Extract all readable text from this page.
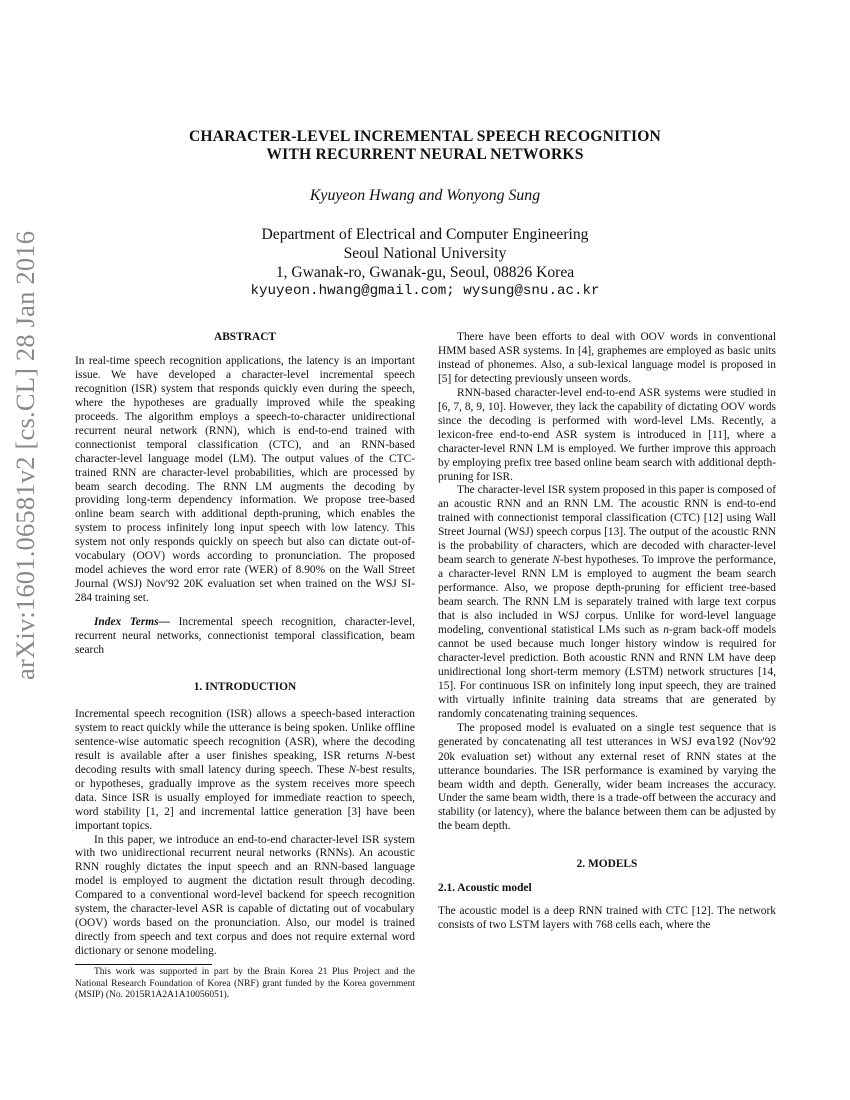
arXiv:1601.06581v2 [cs.CL] 28 Jan 2016

CHARACTER-LEVEL INCREMENTAL SPEECH RECOGNITION
WITH RECURRENT NEURAL NETWORKS

Kyuyeon Hwang and Wonyong Sung
Department of Electrical and Computer Engineering
Seoul National University
1, Gwanak-ro, Gwanak-gu, Seoul, 08826 Korea
kyuyeon.hwang@gmail.com; wysung@snu.ac.kr

ABSTRACT

In real-time speech recognition applications, the latency is an important issue. We have developed a character-level incremental speech recognition (ISR) system that responds quickly even during the speech, where the hypotheses are gradually improved while the speaking proceeds. The algorithm employs a speech-to-character unidirectional recurrent neural network (RNN), which is end-to-end trained with connectionist temporal classification (CTC), and an RNN-based character-level language model (LM). The output values of the CTC-trained RNN are character-level probabilities, which are processed by beam search decoding. The RNN LM augments the decoding by providing long-term dependency information. We propose tree-based online beam search with additional depth-pruning, which enables the system to process infinitely long input speech with low latency. This system not only responds quickly on speech but also can dictate out-of-vocabulary (OOV) words according to pronunciation. The proposed model achieves the word error rate (WER) of 8.90% on the Wall Street Journal (WSJ) Nov'92 20K evaluation set when trained on the WSJ SI-284 training set.

Index Terms— Incremental speech recognition, character-level, recurrent neural networks, connectionist temporal classification, beam search

1. INTRODUCTION

Incremental speech recognition (ISR) allows a speech-based interaction system to react quickly while the utterance is being spoken. Unlike offline sentence-wise automatic speech recognition (ASR), where the decoding result is available after a user finishes speaking, ISR returns N-best decoding results with small latency during speech. These N-best results, or hypotheses, gradually improve as the system receives more speech data. Since ISR is usually employed for immediate reaction to speech, word stability [1, 2] and incremental lattice generation [3] have been important topics.

In this paper, we introduce an end-to-end character-level ISR system with two unidirectional recurrent neural networks (RNNs). An acoustic RNN roughly dictates the input speech and an RNN-based language model is employed to augment the dictation result through decoding. Compared to a conventional word-level backend for speech recognition system, the character-level ASR is capable of dictating out of vocabulary (OOV) words based on the pronunciation. Also, our model is trained directly from speech and text corpus and does not require external word dictionary or senone modeling.

This work was supported in part by the Brain Korea 21 Plus Project and the National Research Foundation of Korea (NRF) grant funded by the Korea government (MSIP) (No. 2015R1A2A1A10056051).

There have been efforts to deal with OOV words in conventional HMM based ASR systems. In [4], graphemes are employed as basic units instead of phonemes. Also, a sub-lexical language model is proposed in [5] for detecting previously unseen words.

RNN-based character-level end-to-end ASR systems were studied in [6, 7, 8, 9, 10]. However, they lack the capability of dictating OOV words since the decoding is performed with word-level LMs. Recently, a lexicon-free end-to-end ASR system is introduced in [11], where a character-level RNN LM is employed. We further improve this approach by employing prefix tree based online beam search with additional depth-pruning for ISR.

The character-level ISR system proposed in this paper is composed of an acoustic RNN and an RNN LM. The acoustic RNN is end-to-end trained with connectionist temporal classification (CTC) [12] using Wall Street Journal (WSJ) speech corpus [13]. The output of the acoustic RNN is the probability of characters, which are decoded with character-level beam search to generate N-best hypotheses. To improve the performance, a character-level RNN LM is employed to augment the beam search performance. Also, we propose depth-pruning for efficient tree-based beam search. The RNN LM is separately trained with large text corpus that is also included in WSJ corpus. Unlike for word-level language modeling, conventional statistical LMs such as n-gram back-off models cannot be used because much longer history window is required for character-level prediction. Both acoustic RNN and RNN LM have deep unidirectional long short-term memory (LSTM) network structures [14, 15]. For continuous ISR on infinitely long input speech, they are trained with virtually infinite training data streams that are generated by randomly concatenating training sequences.

The proposed model is evaluated on a single test sequence that is generated by concatenating all test utterances in WSJ eval92 (Nov'92 20k evaluation set) without any external reset of RNN states at the utterance boundaries. The ISR performance is examined by varying the beam width and depth. Generally, wider beam increases the accuracy. Under the same beam width, there is a trade-off between the accuracy and stability (or latency), where the balance between them can be adjusted by the beam depth.

2. MODELS

2.1. Acoustic model

The acoustic model is a deep RNN trained with CTC [12]. The network consists of two LSTM layers with 768 cells each, where the
